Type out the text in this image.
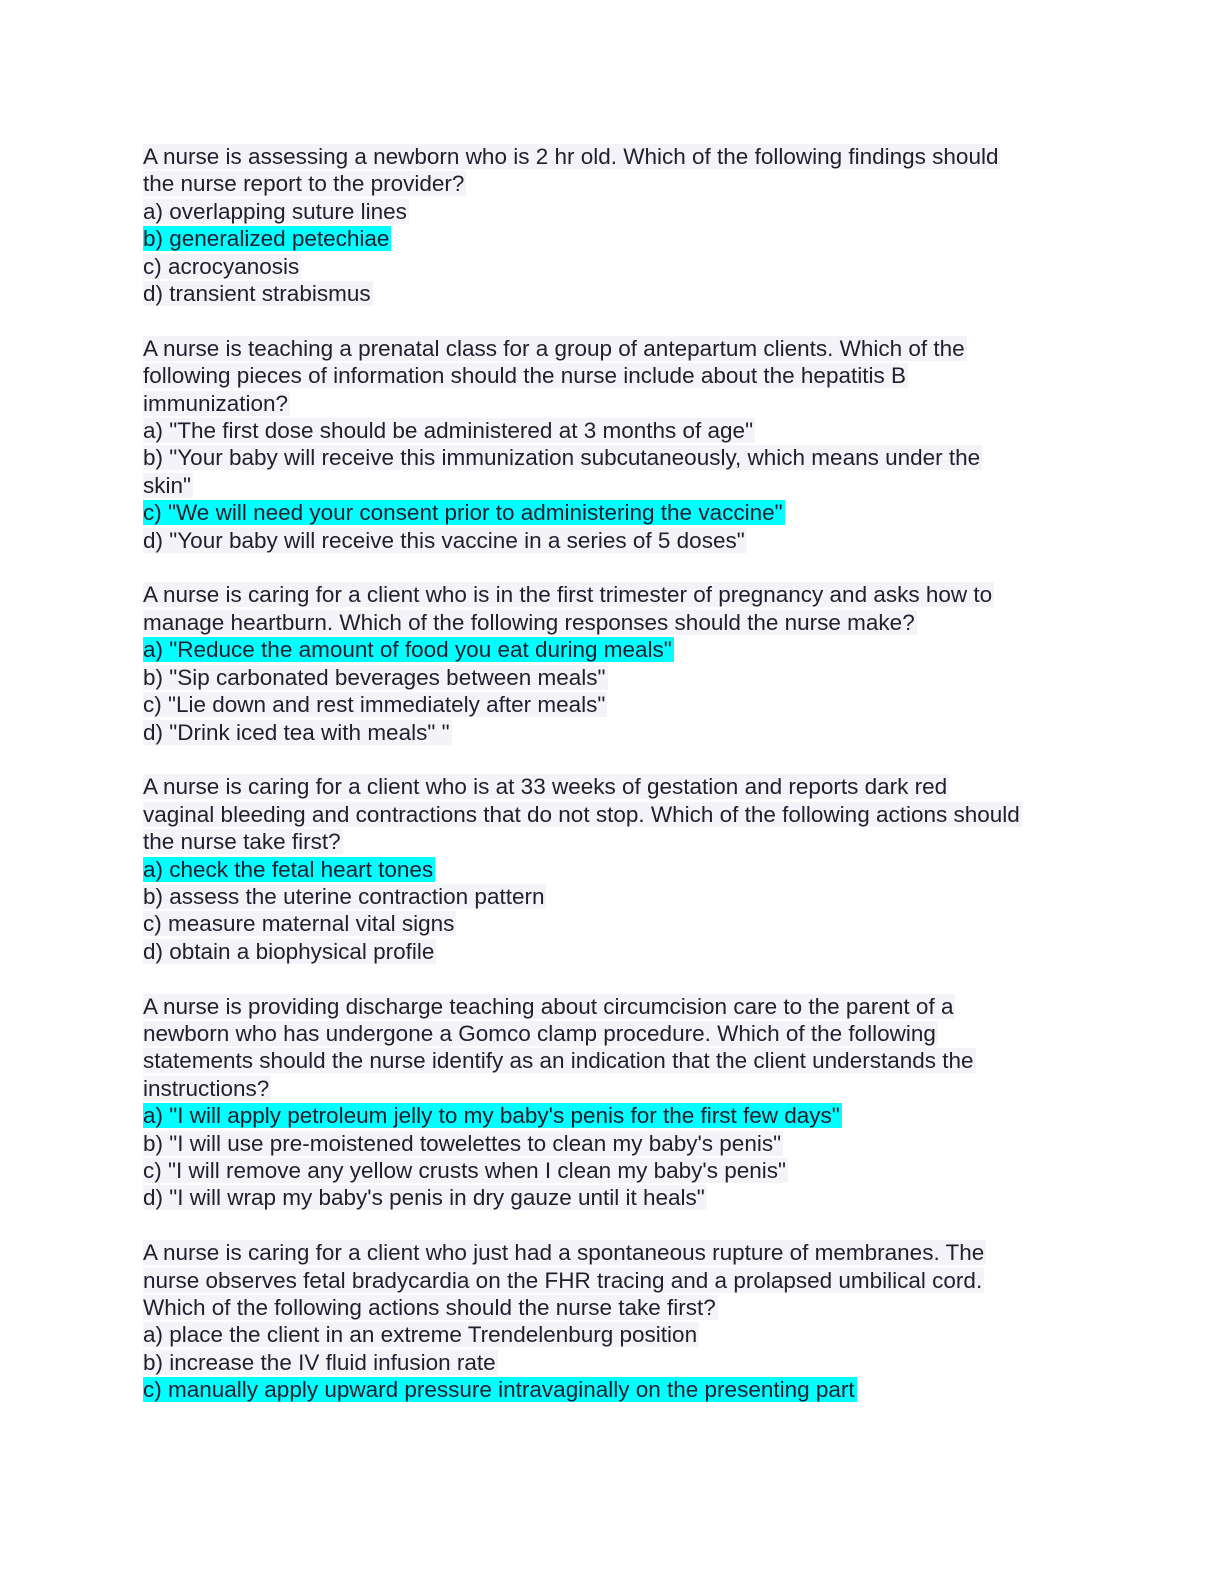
A nurse is assessing a newborn who is 2 hr old. Which of the following findings should
the nurse report to the provider?
a) overlapping suture lines
b) generalized petechiae
c) acrocyanosis
d) transient strabismus
A nurse is teaching a prenatal class for a group of antepartum clients. Which of the
following pieces of information should the nurse include about the hepatitis B
immunization?
a) "The first dose should be administered at 3 months of age"
b) "Your baby will receive this immunization subcutaneously, which means under the
skin"
c) "We will need your consent prior to administering the vaccine"
d) "Your baby will receive this vaccine in a series of 5 doses"
A nurse is caring for a client who is in the first trimester of pregnancy and asks how to
manage heartburn. Which of the following responses should the nurse make?
a) "Reduce the amount of food you eat during meals"
b) "Sip carbonated beverages between meals"
c) "Lie down and rest immediately after meals"
d) "Drink iced tea with meals" "
A nurse is caring for a client who is at 33 weeks of gestation and reports dark red
vaginal bleeding and contractions that do not stop. Which of the following actions should
the nurse take first?
a) check the fetal heart tones
b) assess the uterine contraction pattern
c) measure maternal vital signs
d) obtain a biophysical profile
A nurse is providing discharge teaching about circumcision care to the parent of a
newborn who has undergone a Gomco clamp procedure. Which of the following
statements should the nurse identify as an indication that the client understands the
instructions?
a) "I will apply petroleum jelly to my baby's penis for the first few days"
b) "I will use pre-moistened towelettes to clean my baby's penis"
c) "I will remove any yellow crusts when I clean my baby's penis"
d) "I will wrap my baby's penis in dry gauze until it heals"
A nurse is caring for a client who just had a spontaneous rupture of membranes. The
nurse observes fetal bradycardia on the FHR tracing and a prolapsed umbilical cord.
Which of the following actions should the nurse take first?
a) place the client in an extreme Trendelenburg position
b) increase the IV fluid infusion rate
c) manually apply upward pressure intravaginally on the presenting part
